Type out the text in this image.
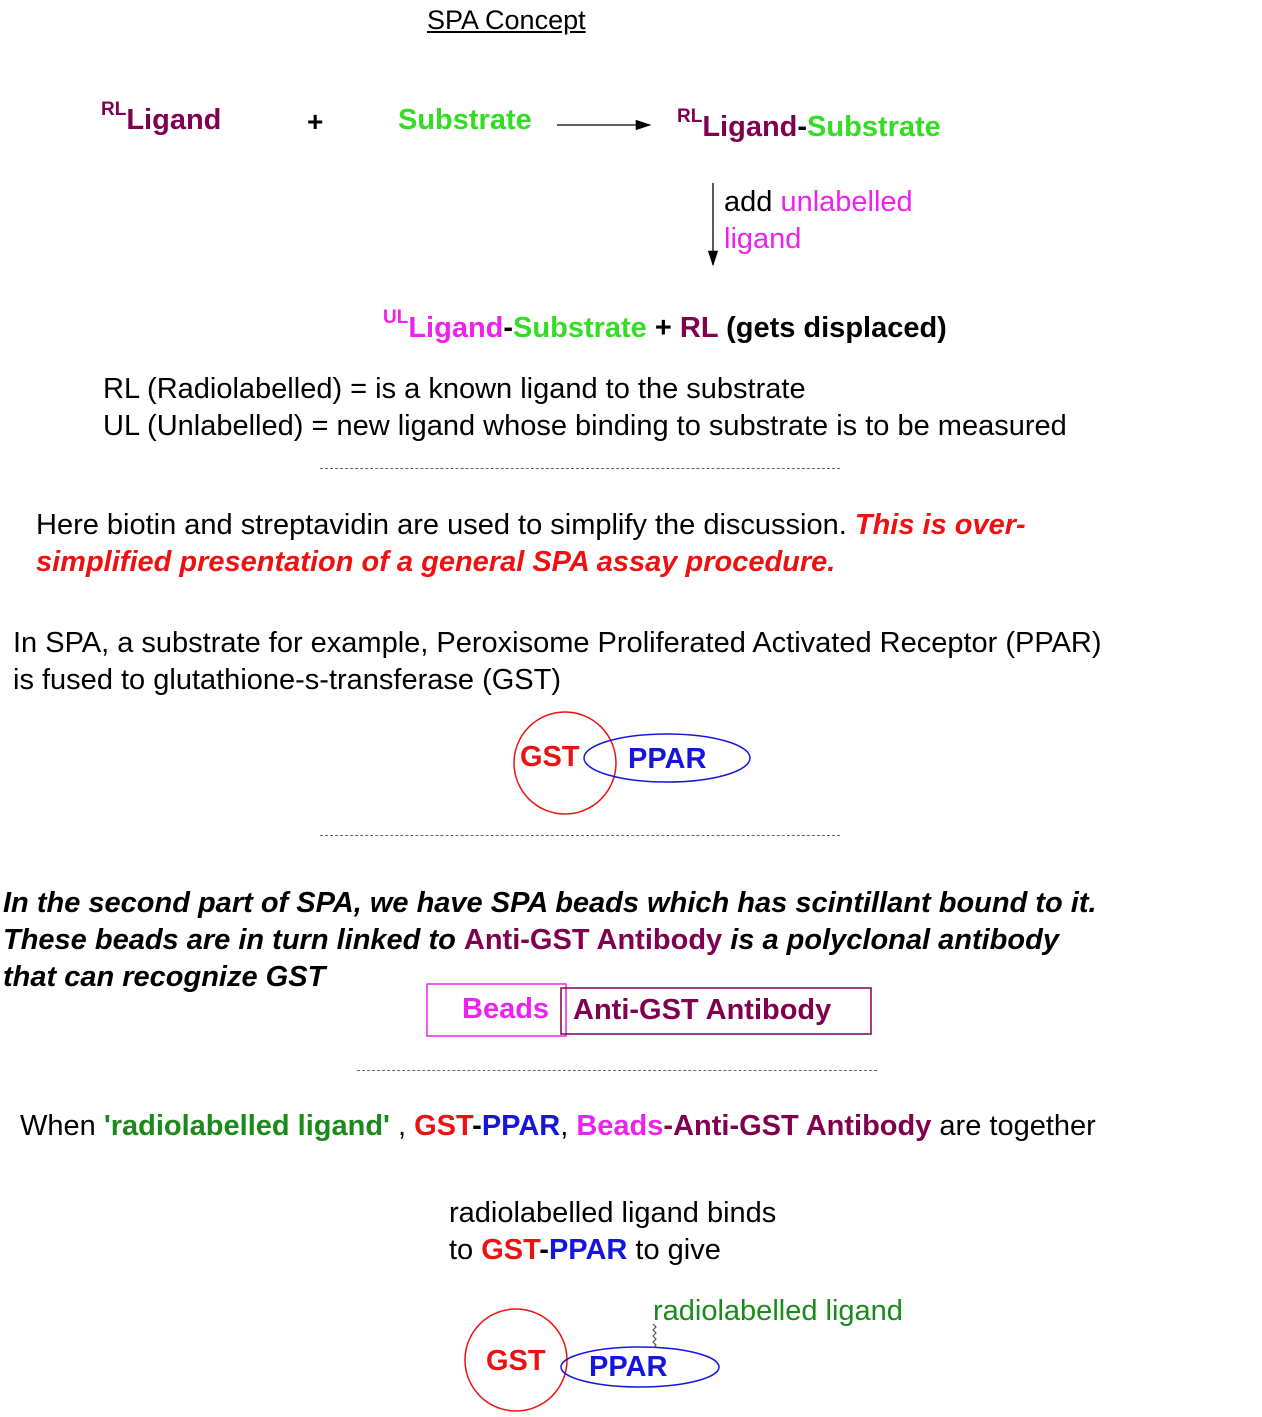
SPA Concept
$^{RL}$Ligand	+	Substrate	$^{RL}$Ligand-Substrate
add unlabelled
ligand
$^{UL}$Ligand-Substrate + RL (gets displaced)
RL (Radiolabelled) = is a known ligand to the substrate
UL (Unlabelled) = new ligand whose binding to substrate is to be measured
Here biotin and streptavidin are used to simplify the discussion. This is over-
simplified presentation of a general SPA assay procedure.
In SPA, a substrate for example, Peroxisome Proliferated Activated Receptor (PPAR)
is fused to glutathione-s-transferase (GST)
In the second part of SPA, we have SPA beads which has scintillant bound to it.
These beads are in turn linked to Anti-GST Antibody is a polyclonal antibody
that can recognize GST
When 'radiolabelled ligand' , GST-PPAR, Beads-Anti-GST Antibody are together
radiolabelled ligand binds
to GST-PPAR to give
GST PPAR
Beads Anti-GST Antibody
GST PPAR
radiolabelled ligand
